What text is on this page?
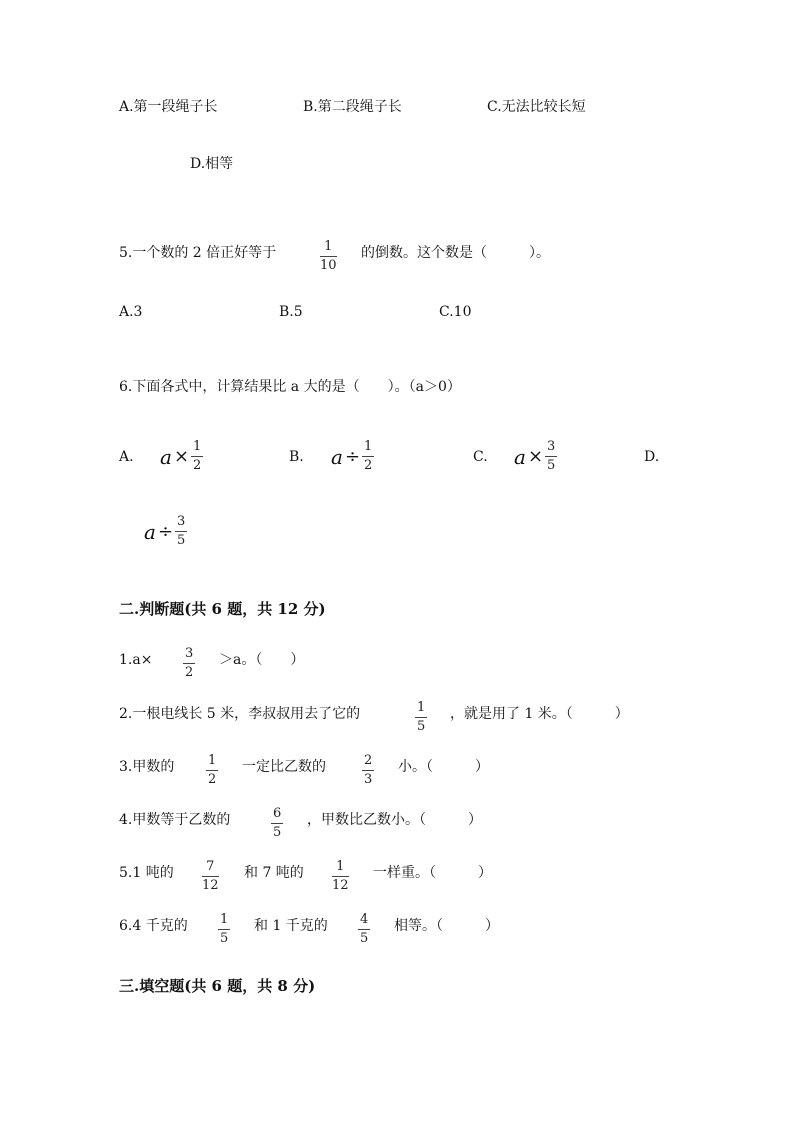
A.第一段绳子长	B.第二段绳子长	C.无法比较长短
D.相等
5.一个数的 2 倍正好等于	1
10
的倒数。这个数是（　　　）。
A.3	B.5	C.10
6.下面各式中，计算结果比 a 大的是（　　）。（a＞0）
A. $a \times \frac{1}{2}$	B. $a \div \frac{1}{2}$	C. $a \times \frac{3}{5}$	D.
$a \div \frac{3}{5}$
二.判断题(共 6 题，共 12 分)
1.a×	3
2
＞a。（　　）
2.一根电线长 5 米，李叔叔用去了它的	1
5
，就是用了 1 米。（　　　）
3.甲数的	1
2
一定比乙数的	2
3
小。（　　　）
4.甲数等于乙数的	6
5
，甲数比乙数小。（　　　）
5.1 吨的 7
12
和 7 吨的 1
12
一样重。（　　　）
6.4 千克的 1
5
和 1 千克的 4
5
相等。（　　　）
三.填空题(共 6 题，共 8 分)
